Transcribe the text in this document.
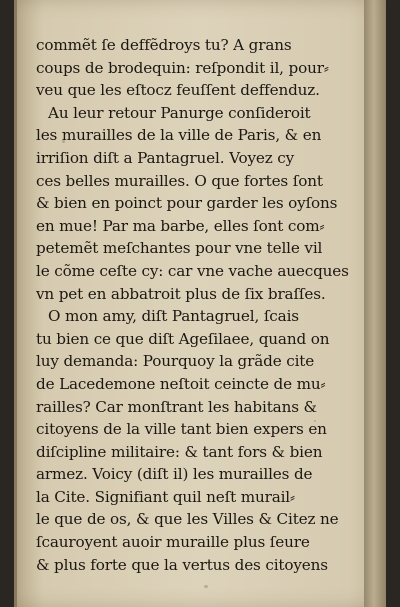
commẽt ſe deffẽdroys tu? A grans
coups de brodequin: reſpondit il, pour⸗
veu que les eſtocz feuſſent deffenduz.
Au leur retour Panurge conſideroit
les murailles de la ville de Paris, & en
irriſion diſt a Pantagruel. Voyez cy
ces belles murailles. O que fortes ſont
& bien en poinct pour garder les oyſons
en mue! Par ma barbe, elles ſont com⸗
petemẽt meſchantes pour vne telle vil
le cõme ceſte cy: car vne vache auecques
vn pet en abbatroit plus de ſix braſſes.
O mon amy, diſt Pantagruel, ſcais
tu bien ce que diſt Ageſilaee, quand on
luy demanda: Pourquoy la grãde cite
de Lacedemone neſtoit ceincte de mu⸗
railles? Car monſtrant les habitans &
citoyens de la ville tant bien expers en
diſcipline militaire: & tant fors & bien
armez. Voicy (diſt il) les murailles de
la Cite. Signifiant quil neſt murail⸗
le que de os, & que les Villes & Citez ne
ſcauroyent auoir muraille plus ſeure
& plus forte que la vertus des citoyens
